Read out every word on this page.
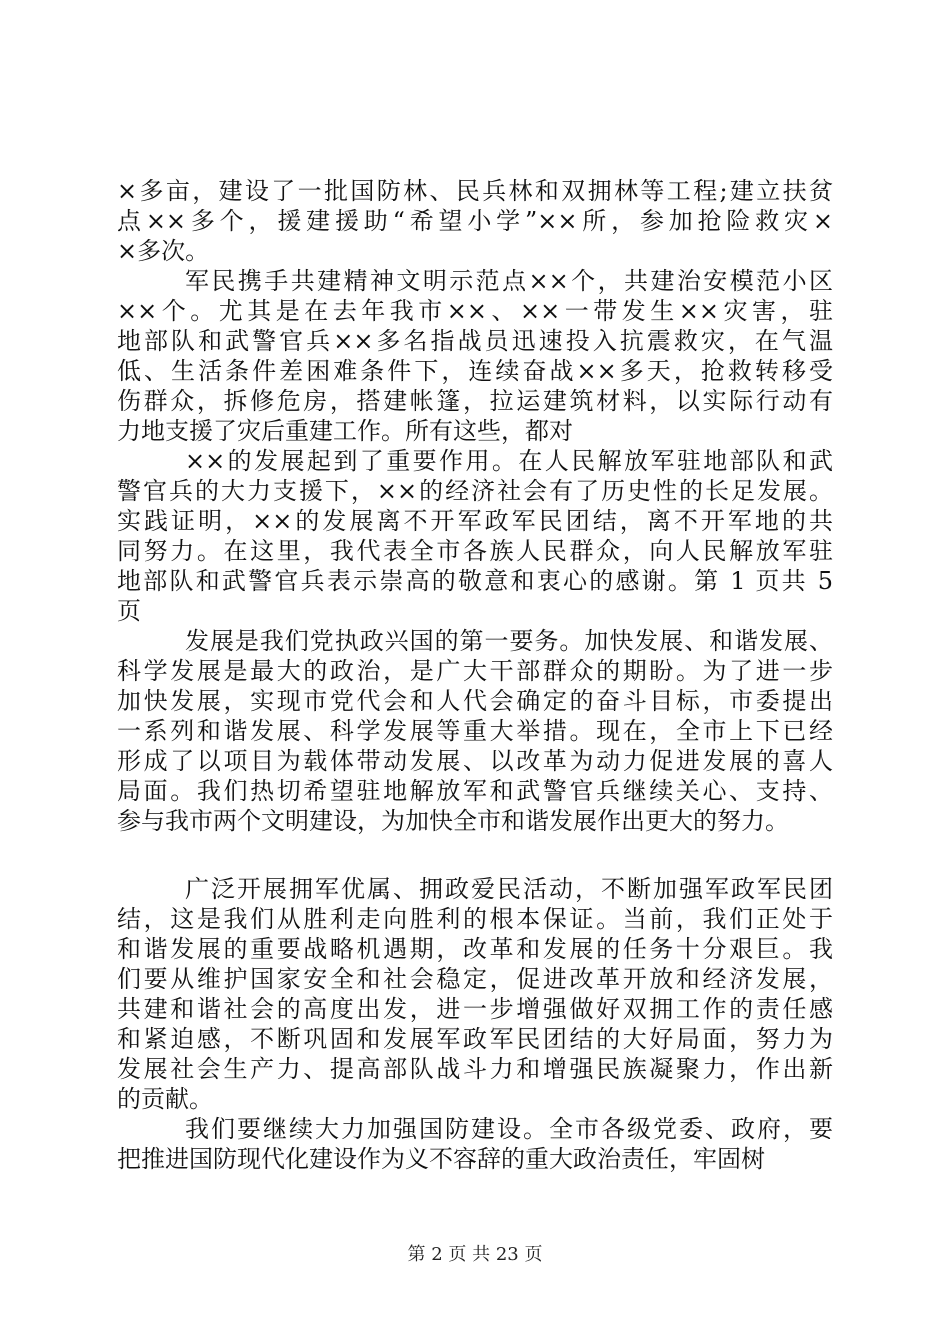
×多亩，建设了一批国防林、民兵林和双拥林等工程;建立扶贫
点××多个，援建援助“希望小学”××所，参加抢险救灾×
×多次。
军民携手共建精神文明示范点××个，共建治安模范小区
××个。尤其是在去年我市××、××一带发生××灾害，驻
地部队和武警官兵××多名指战员迅速投入抗震救灾，在气温
低、生活条件差困难条件下，连续奋战××多天，抢救转移受
伤群众，拆修危房，搭建帐篷，拉运建筑材料，以实际行动有
力地支援了灾后重建工作。所有这些，都对
××的发展起到了重要作用。在人民解放军驻地部队和武
警官兵的大力支援下，××的经济社会有了历史性的长足发展。
实践证明，××的发展离不开军政军民团结，离不开军地的共
同努力。在这里，我代表全市各族人民群众，向人民解放军驻
地部队和武警官兵表示崇高的敬意和衷心的感谢。第 1 页共 5
页
发展是我们党执政兴国的第一要务。加快发展、和谐发展、
科学发展是最大的政治，是广大干部群众的期盼。为了进一步
加快发展，实现市党代会和人代会确定的奋斗目标，市委提出
一系列和谐发展、科学发展等重大举措。现在，全市上下已经
形成了以项目为载体带动发展、以改革为动力促进发展的喜人
局面。我们热切希望驻地解放军和武警官兵继续关心、支持、
参与我市两个文明建设，为加快全市和谐发展作出更大的努力。
广泛开展拥军优属、拥政爱民活动，不断加强军政军民团
结，这是我们从胜利走向胜利的根本保证。当前，我们正处于
和谐发展的重要战略机遇期，改革和发展的任务十分艰巨。我
们要从维护国家安全和社会稳定，促进改革开放和经济发展，
共建和谐社会的高度出发，进一步增强做好双拥工作的责任感
和紧迫感，不断巩固和发展军政军民团结的大好局面，努力为
发展社会生产力、提高部队战斗力和增强民族凝聚力，作出新
的贡献。
我们要继续大力加强国防建设。全市各级党委、政府，要
把推进国防现代化建设作为义不容辞的重大政治责任，牢固树
第 2 页 共 23 页
